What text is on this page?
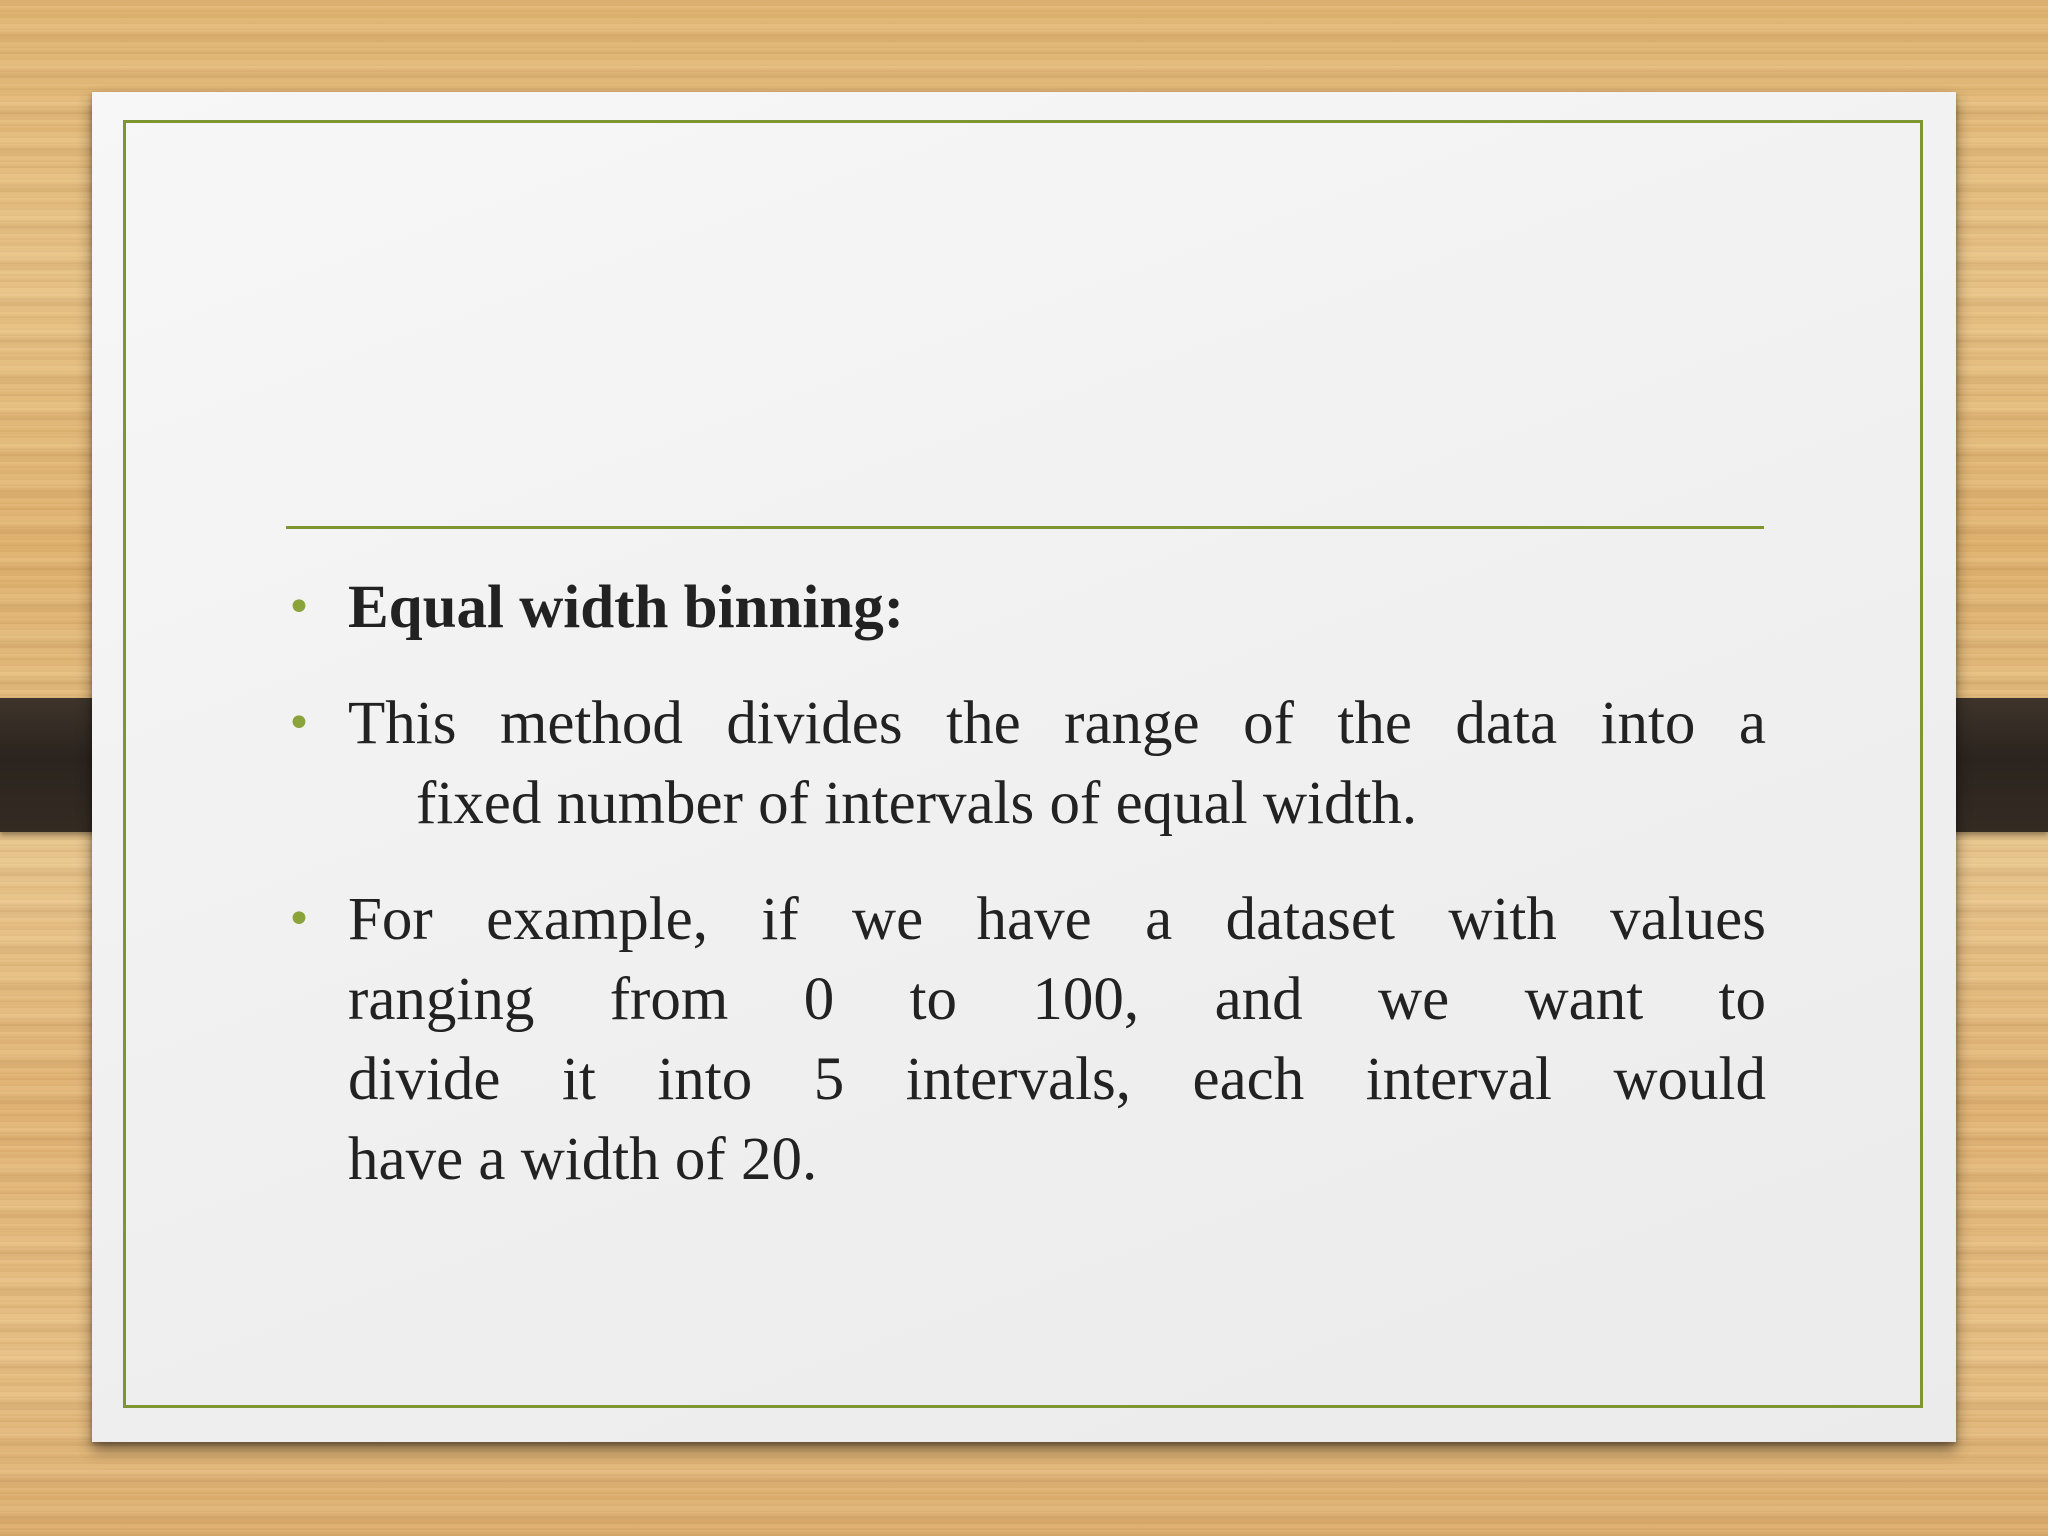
• Equal width binning:
• This method divides the range of the data into a
fixed number of intervals of equal width.
• For example, if we have a dataset with values
ranging from 0 to 100, and we want to
divide it into 5 intervals, each interval would
have a width of 20.
